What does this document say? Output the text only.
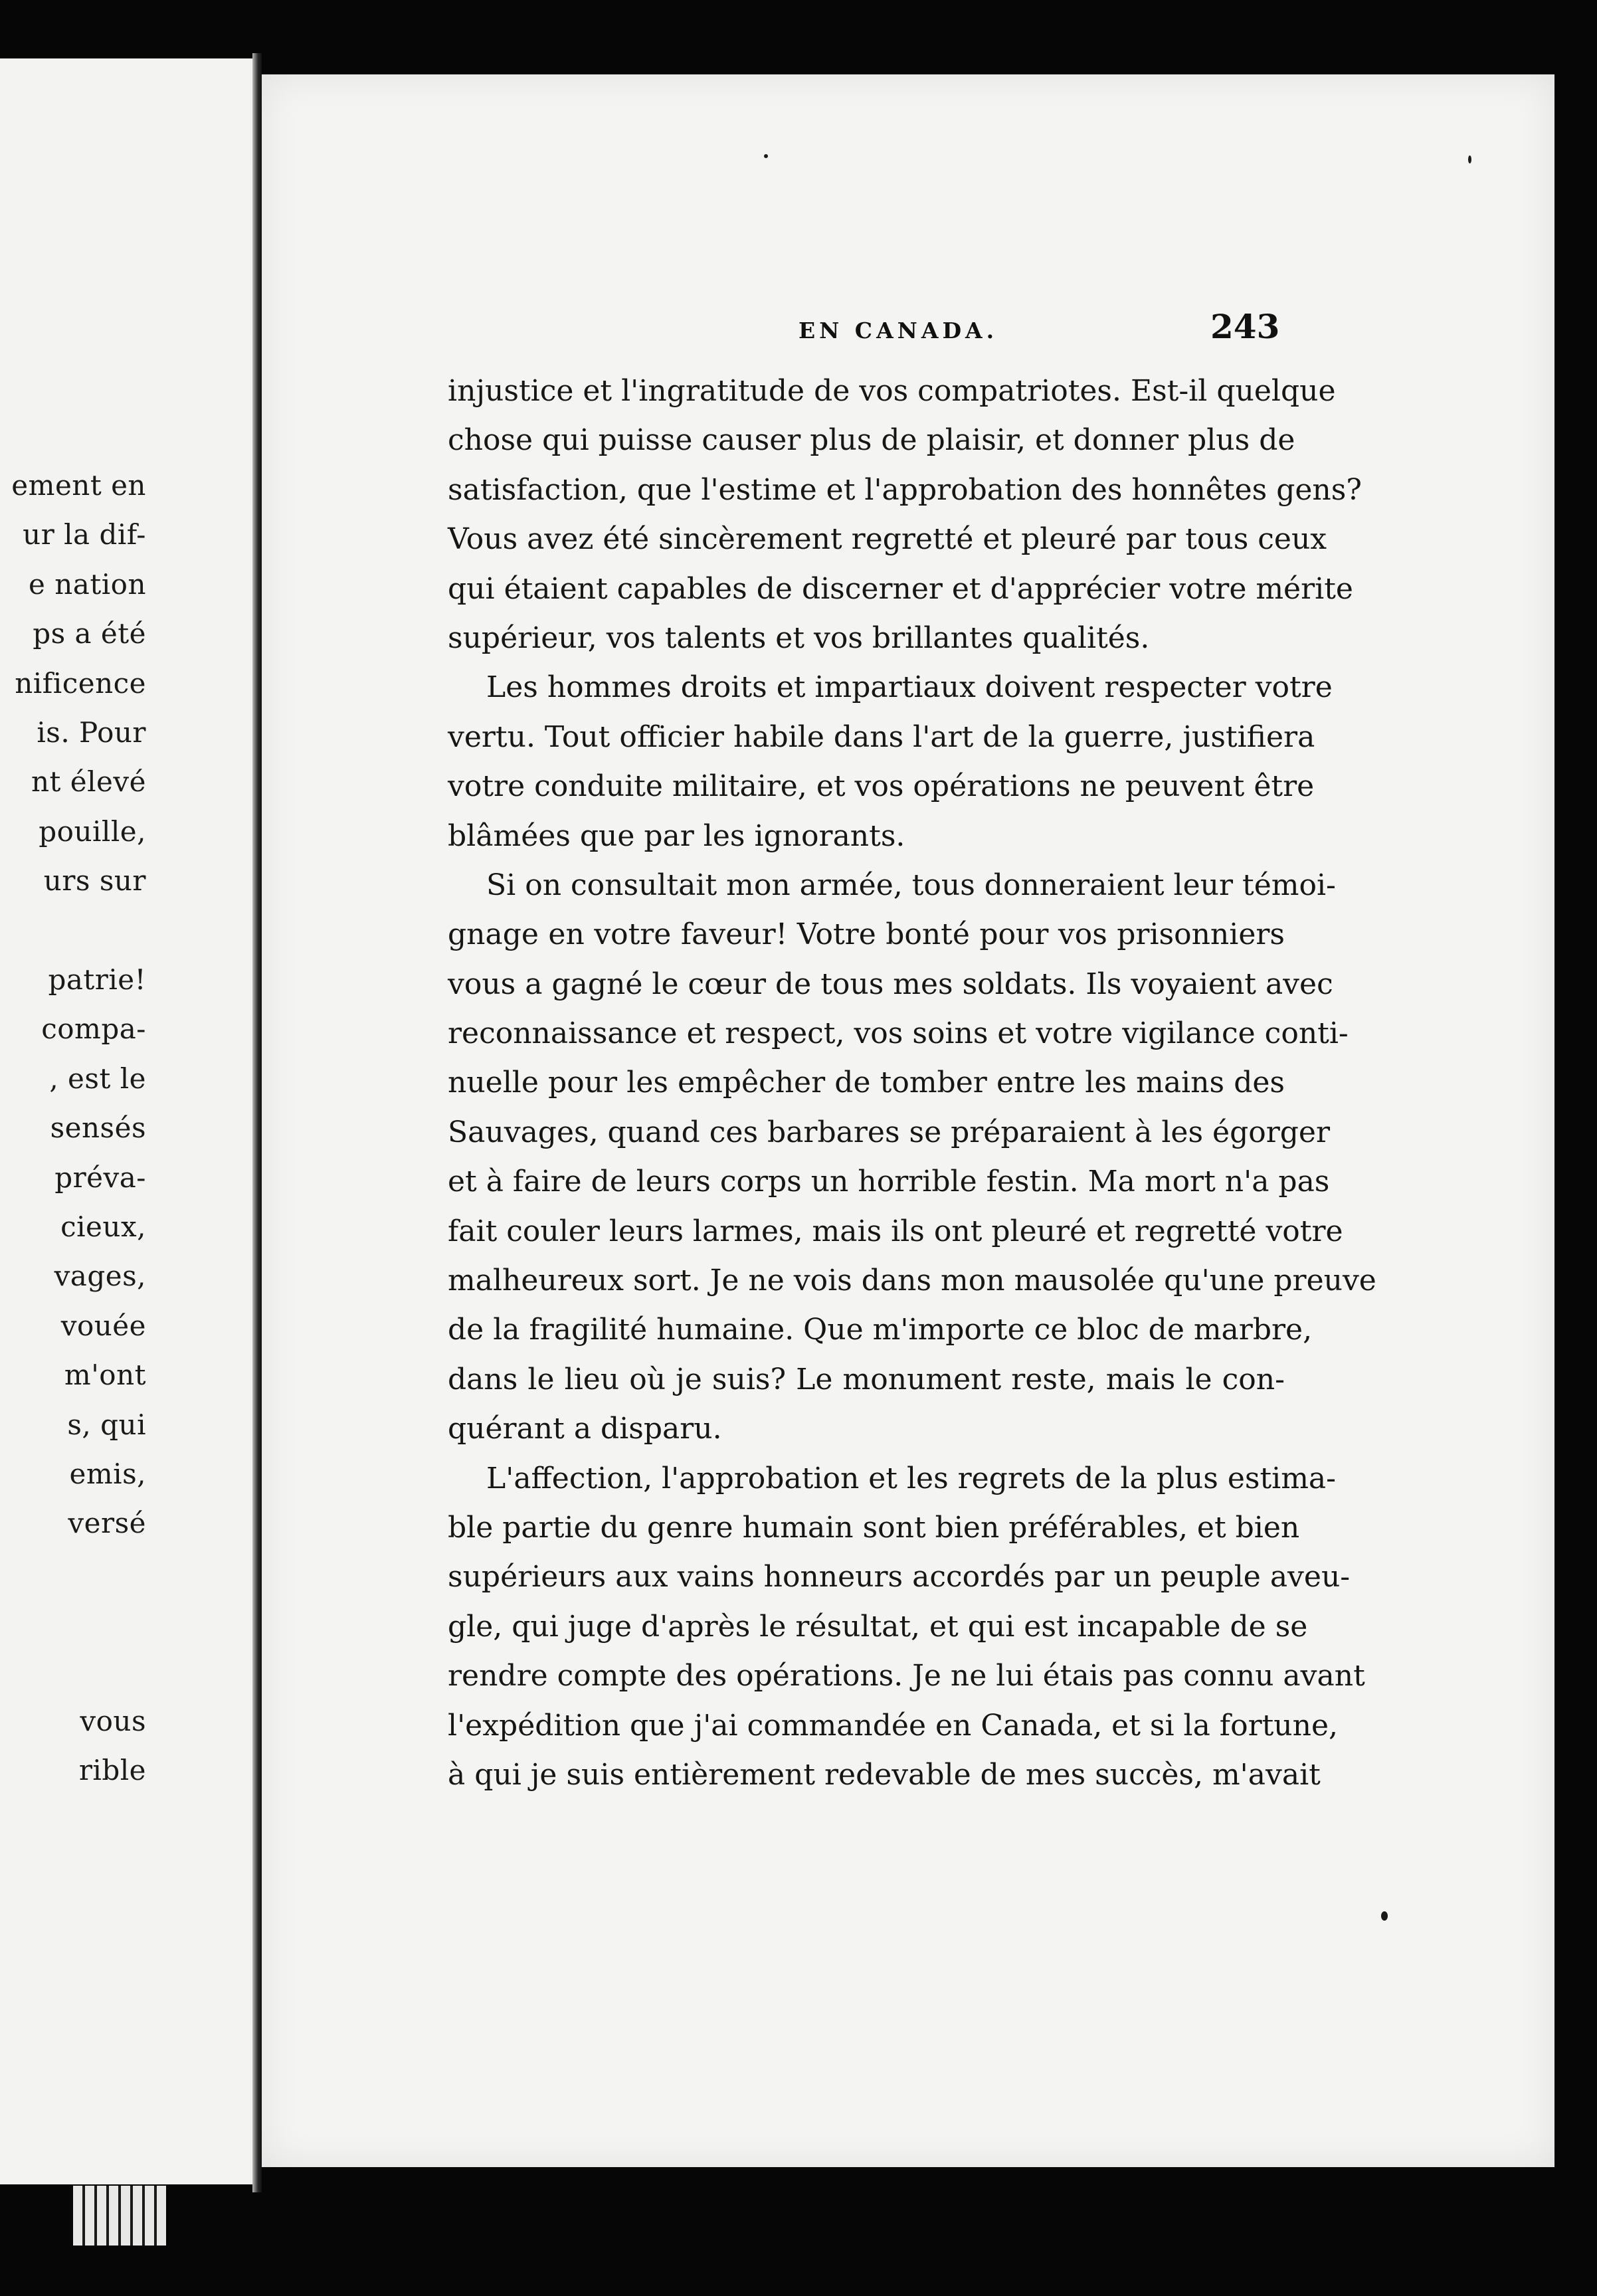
ement en
ur la dif-
e nation
ps a été
nificence
is. Pour
nt élevé
pouille,
urs sur
patrie!
compa-
, est le
sensés
préva-
cieux,
vages,
vouée
m'ont
s, qui
emis,
versé
vous
rible
EN CANADA.	243
injustice et l'ingratitude de vos compatriotes. Est-il quelque
chose qui puisse causer plus de plaisir, et donner plus de
satisfaction, que l'estime et l'approbation des honnêtes gens?
Vous avez été sincèrement regretté et pleuré par tous ceux
qui étaient capables de discerner et d'apprécier votre mérite
supérieur, vos talents et vos brillantes qualités.
Les hommes droits et impartiaux doivent respecter votre
vertu. Tout officier habile dans l'art de la guerre, justifiera
votre conduite militaire, et vos opérations ne peuvent être
blâmées que par les ignorants.
Si on consultait mon armée, tous donneraient leur témoi-
gnage en votre faveur! Votre bonté pour vos prisonniers
vous a gagné le cœur de tous mes soldats. Ils voyaient avec
reconnaissance et respect, vos soins et votre vigilance conti-
nuelle pour les empêcher de tomber entre les mains des
Sauvages, quand ces barbares se préparaient à les égorger
et à faire de leurs corps un horrible festin. Ma mort n'a pas
fait couler leurs larmes, mais ils ont pleuré et regretté votre
malheureux sort. Je ne vois dans mon mausolée qu'une preuve
de la fragilité humaine. Que m'importe ce bloc de marbre,
dans le lieu où je suis? Le monument reste, mais le con-
quérant a disparu.
L'affection, l'approbation et les regrets de la plus estima-
ble partie du genre humain sont bien préférables, et bien
supérieurs aux vains honneurs accordés par un peuple aveu-
gle, qui juge d'après le résultat, et qui est incapable de se
rendre compte des opérations. Je ne lui étais pas connu avant
l'expédition que j'ai commandée en Canada, et si la fortune,
à qui je suis entièrement redevable de mes succès, m'avait
